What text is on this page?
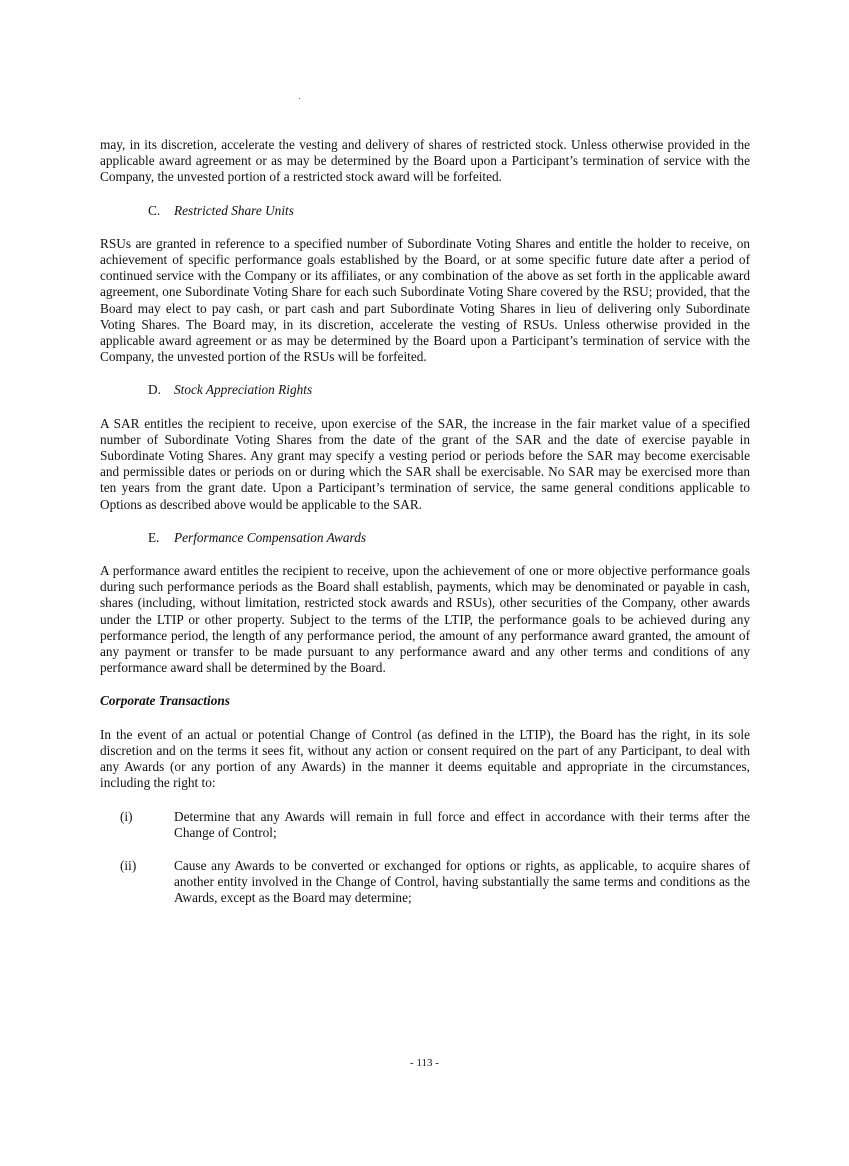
may, in its discretion, accelerate the vesting and delivery of shares of restricted stock. Unless otherwise provided in the applicable award agreement or as may be determined by the Board upon a Participant’s termination of service with the Company, the unvested portion of a restricted stock award will be forfeited.

C. Restricted Share Units

RSUs are granted in reference to a specified number of Subordinate Voting Shares and entitle the holder to receive, on achievement of specific performance goals established by the Board, or at some specific future date after a period of continued service with the Company or its affiliates, or any combination of the above as set forth in the applicable award agreement, one Subordinate Voting Share for each such Subordinate Voting Share covered by the RSU; provided, that the Board may elect to pay cash, or part cash and part Subordinate Voting Shares in lieu of delivering only Subordinate Voting Shares. The Board may, in its discretion, accelerate the vesting of RSUs. Unless otherwise provided in the applicable award agreement or as may be determined by the Board upon a Participant’s termination of service with the Company, the unvested portion of the RSUs will be forfeited.

D. Stock Appreciation Rights

A SAR entitles the recipient to receive, upon exercise of the SAR, the increase in the fair market value of a specified number of Subordinate Voting Shares from the date of the grant of the SAR and the date of exercise payable in Subordinate Voting Shares. Any grant may specify a vesting period or periods before the SAR may become exercisable and permissible dates or periods on or during which the SAR shall be exercisable. No SAR may be exercised more than ten years from the grant date. Upon a Participant’s termination of service, the same general conditions applicable to Options as described above would be applicable to the SAR.

E. Performance Compensation Awards

A performance award entitles the recipient to receive, upon the achievement of one or more objective performance goals during such performance periods as the Board shall establish, payments, which may be denominated or payable in cash, shares (including, without limitation, restricted stock awards and RSUs), other securities of the Company, other awards under the LTIP or other property. Subject to the terms of the LTIP, the performance goals to be achieved during any performance period, the length of any performance period, the amount of any performance award granted, the amount of any payment or transfer to be made pursuant to any performance award and any other terms and conditions of any performance award shall be determined by the Board.

Corporate Transactions

In the event of an actual or potential Change of Control (as defined in the LTIP), the Board has the right, in its sole discretion and on the terms it sees fit, without any action or consent required on the part of any Participant, to deal with any Awards (or any portion of any Awards) in the manner it deems equitable and appropriate in the circumstances, including the right to:

(i)	Determine that any Awards will remain in full force and effect in accordance with their terms after the Change of Control;
(ii)	Cause any Awards to be converted or exchanged for options or rights, as applicable, to acquire shares of another entity involved in the Change of Control, having substantially the same terms and conditions as the Awards, except as the Board may determine;
- 113 -
